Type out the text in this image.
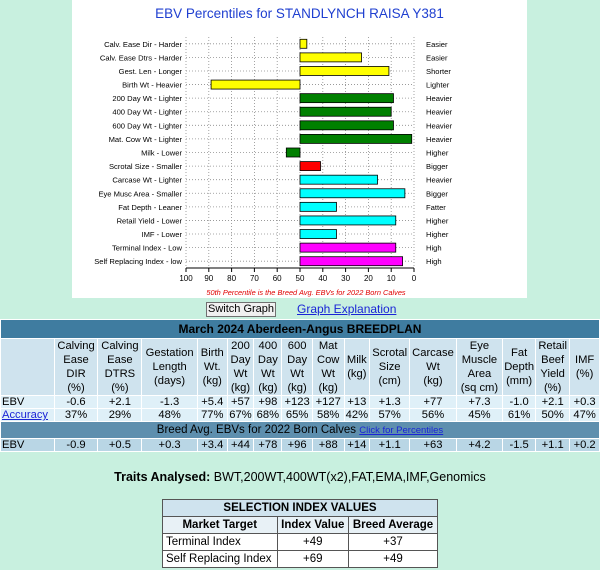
EBV Percentiles for STANDLYNCH RAISA Y381
Calv. Ease Dir - Harder	Easier
Calv. Ease Dtrs - Harder	Easier
Gest. Len - Longer	Shorter
Birth Wt - Heavier	Lighter
200 Day Wt - Lighter	Heavier
400 Day Wt - Lighter	Heavier
600 Day Wt - Lighter	Heavier
Mat. Cow Wt - Lighter	Heavier
Milk - Lower	Higher
Scrotal Size - Smaller	Bigger
Carcase Wt - Lighter	Heavier
Eye Musc Area - Smaller	Bigger
Fat Depth - Leaner	Fatter
Retail Yield - Lower	Higher
IMF - Lower	Higher
Terminal Index - Low	High
Self Replacing Index - low	High
100 90 80 70 60 50 40 30 20 10 0
50th Percentile is the Breed Avg. EBVs for 2022 Born Calves
Switch Graph Graph Explanation
March 2024 Aberdeen-Angus BREEDPLAN															
	Calving
Ease
DIR
(%)	Calving
Ease
DTRS
(%)	Gestation
Length
(days)	Birth
Wt.
(kg)	200
Day
Wt
(kg)	400
Day
Wt
(kg)	600
Day
Wt
(kg)	Mat
Cow
Wt
(kg)	Milk
(kg)	Scrotal
Size
(cm)	Carcase
Wt
(kg)	Eye
Muscle
Area
(sq cm)	Fat
Depth
(mm)	Retail
Beef
Yield
(%)	IMF
(%)
EBV	-0.6	+2.1	-1.3	+5.4	+57	+98	+123	+127	+13	+1.3	+77	+7.3	-1.0	+2.1	+0.3
Accuracy	37%	29%	48%	77%	67%	68%	65%	58%	42%	57%	56%	45%	61%	50%	47%
Breed Avg. EBVs for 2022 Born Calves Click for Percentiles															
EBV	-0.9	+0.5	+0.3	+3.4	+44	+78	+96	+88	+14	+1.1	+63	+4.2	-1.5	+1.1	+0.2
Traits Analysed: BWT,200WT,400WT(x2),FAT,EMA,IMF,Genomics
SELECTION INDEX VALUES		
Market Target	Index Value	Breed Average
Terminal Index	+49	+37
Self Replacing Index	+69	+49
